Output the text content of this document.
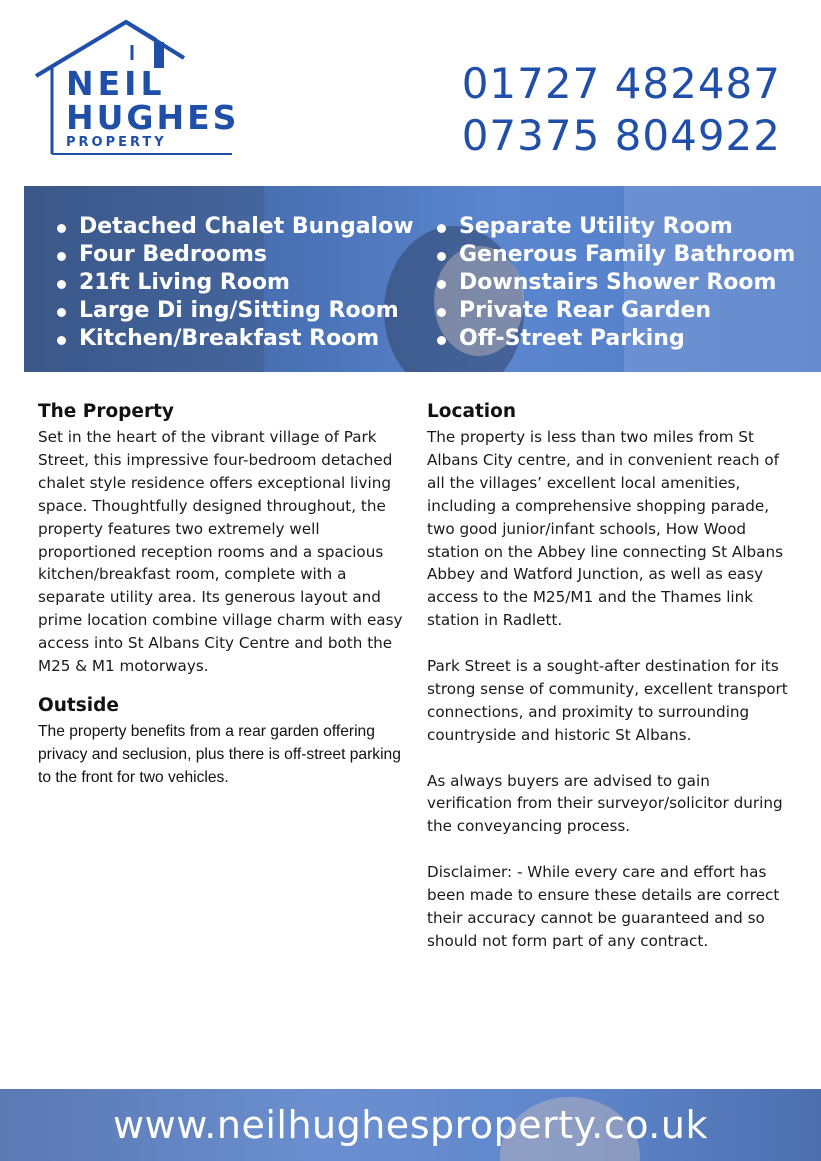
NEIL
HUGHES
PROPERTY
01727 482487
07375 804922
Detached Chalet Bungalow
Four Bedrooms
21ft Living Room
Large Di ing/Sitting Room
Kitchen/Breakfast Room
Separate Utility Room
Generous Family Bathroom
Downstairs Shower Room
Private Rear Garden
Off-Street Parking
The Property
Set in the heart of the vibrant village of Park Street, this impressive four-bedroom detached chalet style residence offers exceptional living space. Thoughtfully designed throughout, the property features two extremely well proportioned reception rooms and a spacious kitchen/breakfast room, complete with a separate utility area. Its generous layout and prime location combine village charm with easy access into St Albans City Centre and both the M25 & M1 motorways.
Outside
The property benefits from a rear garden offering privacy and seclusion, plus there is off-street parking to the front for two vehicles.
Location

The property is less than two miles from St Albans City centre, and in convenient reach of all the villages’ excellent local amenities, including a comprehensive shopping parade, two good junior/infant schools, How Wood station on the Abbey line connecting St Albans Abbey and Watford Junction, as well as easy access to the M25/M1 and the Thames link station in Radlett.

Park Street is a sought-after destination for its strong sense of community, excellent transport connections, and proximity to surrounding countryside and historic St Albans.

As always buyers are advised to gain verification from their surveyor/solicitor during the conveyancing process.

Disclaimer: - While every care and effort has been made to ensure these details are correct their accuracy cannot be guaranteed and so should not form part of any contract.

www.neilhughesproperty.co.uk
